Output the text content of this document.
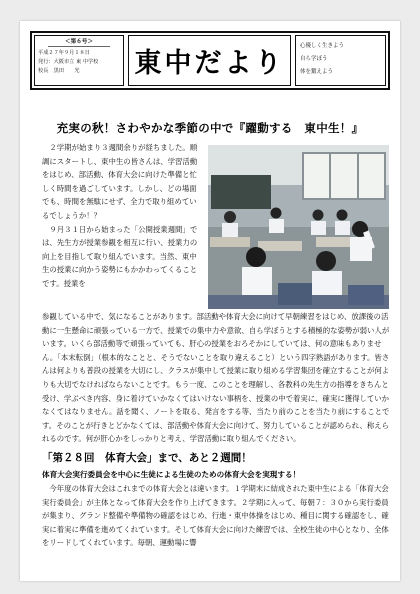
＜第６号＞
平成２７年９月１８日
発行：大阪市立 東 中学校
校長　黒田　　光	東中だより
心優しく生きよう
自ら学ぼう
体を鍛えよう
充実の秋！さわやかな季節の中で『躍動する　東中生！』

２学期が始まり３週間余りが経ちました。順調にスタートし、東中生の皆さんは、学習活動をはじめ、部活動、体育大会に向けた準備と忙しく時間を過ごしています。しかし、どの場面でも、時間を無駄にせず、全力で取り組めているでしょうか！？

９月３１日から始まった「公開授業週間」では、先生方が授業参観を相互に行い、授業力の向上を目指して取り組んでいます。当然、東中生の授業に向かう姿勢にもかかわってくることです。授業を

参観している中で、気になることがあります。部活動や体育大会に向けて早朝練習をはじめ、放課後の活動に一生懸命に頑張っている一方で、授業での集中力や意欲、自ら学ぼうとする積極的な姿勢が弱い人がいます。いくら部活動等で頑張っていても、肝心の授業をおろそかにしていては、何の意味もありません。「本末転倒」（根本的なことと、そうでないことを取り違えること）という四字熟語があります。皆さんは何よりも普段の授業を大切にし、クラスが集中して授業に取り組める学習集団を確立することが何よりも大切でなければならないことです。もう一度、このことを理解し、各教科の先生方の指導をきちんと受け、学ぶべき内容、身に着けていかなくてはいけない事柄を、授業の中で着実に、確実に獲得していかなくてはなりません。話を聞く、ノートを取る、発言をする等、当たり前のことを当たり前にすることです。そのことが行きとどかなくては、部活動や体育大会に向けて、努力していることが認められ、称えられるのです。何が肝心かをしっかりと考え、学習活動に取り組んでください。

「第２８回　体育大会」まで、あと２週間！
体育大会実行委員会を中心に生徒による生徒のための体育大会を実現する！

今年度の体育大会はこれまでの体育大会とは違います。１学期末に結成された東中生による「体育大会実行委員会」が主体となって体育大会を作り上げてきます。２学期に入って、毎朝７：３０から実行委員が集まり、グランド整備や準備物の確認をはじめ、行進・東中体操をはじめ、種目に関する確認をし、確実に着実に準備を進めてくれています。そして体育大会に向けた練習では、全校生徒の中心となり、全体をリードしてくれています。毎朝、運動場に響
